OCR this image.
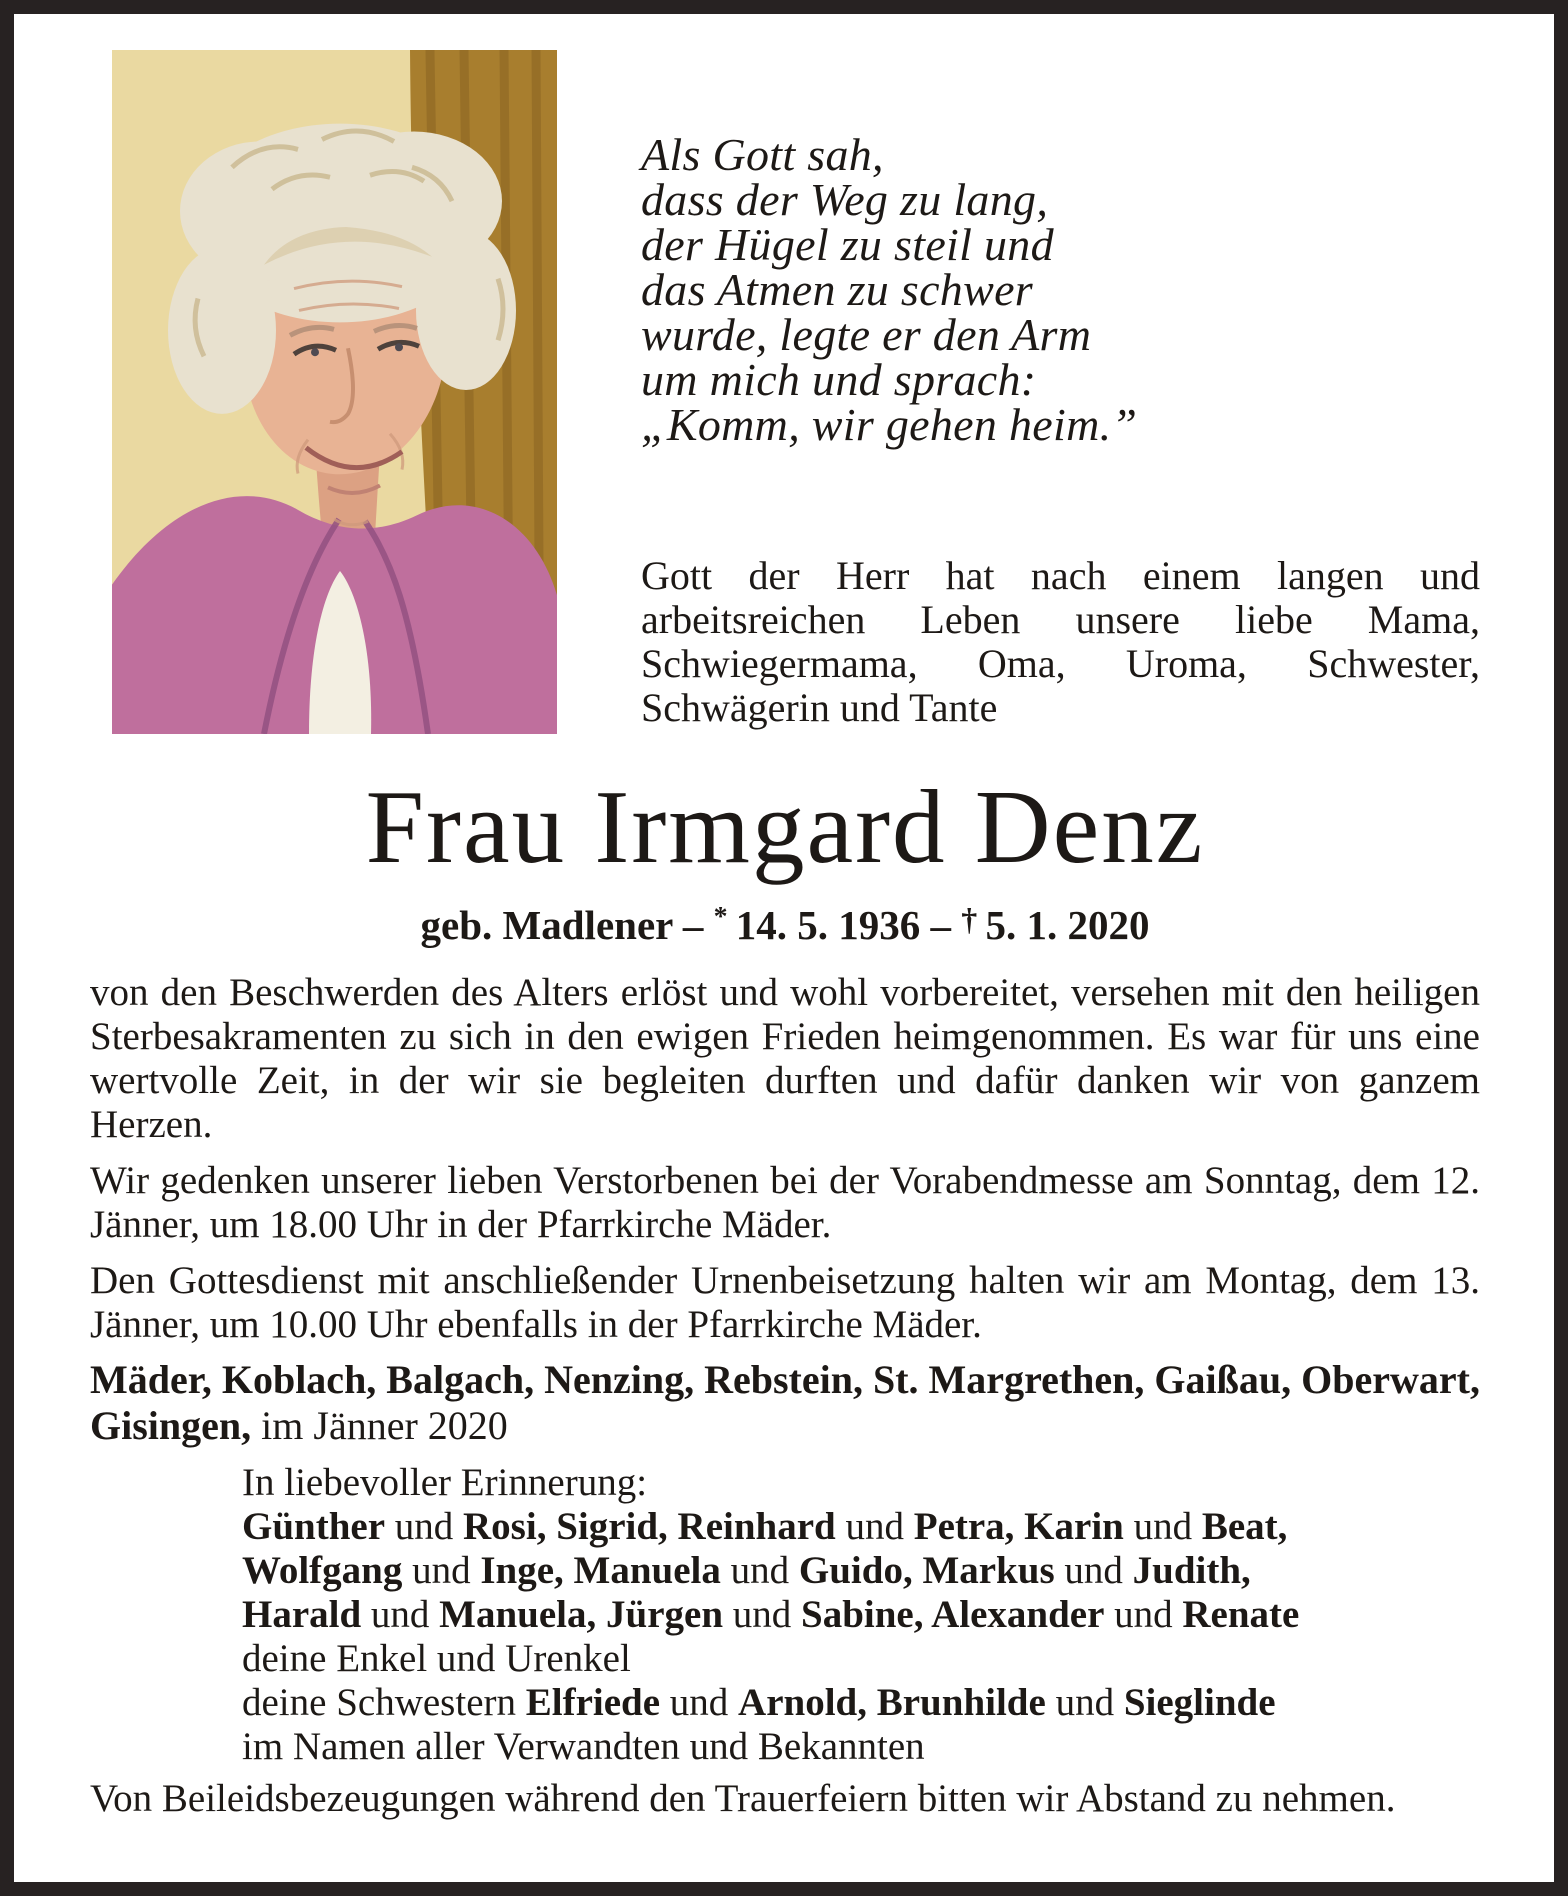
Als Gott sah,
dass der Weg zu lang,
der Hügel zu steil und
das Atmen zu schwer
wurde, legte er den Arm
um mich und sprach:
„Komm, wir gehen heim.”

Gott der Herr hat nach einem langen und arbeitsreichen Leben unsere liebe Mama, Schwiegermama, Oma, Uroma, Schwester, Schwägerin und Tante

Frau Irmgard Denz
geb. Madlener – * 14. 5. 1936 – † 5. 1. 2020

von den Beschwerden des Alters erlöst und wohl vorbereitet, versehen mit den heiligen Sterbesakramenten zu sich in den ewigen Frieden heimgenommen. Es war für uns eine wertvolle Zeit, in der wir sie begleiten durften und dafür danken wir von ganzem Herzen.

Wir gedenken unserer lieben Verstorbenen bei der Vorabendmesse am Sonntag, dem 12. Jänner, um 18.00 Uhr in der Pfarrkirche Mäder.

Den Gottesdienst mit anschließender Urnenbeisetzung halten wir am Montag, dem 13. Jänner, um 10.00 Uhr ebenfalls in der Pfarrkirche Mäder.

Mäder, Koblach, Balgach, Nenzing, Rebstein, St. Margrethen, Gaißau, Oberwart, Gisingen, im Jänner 2020

In liebevoller Erinnerung:
Günther und Rosi, Sigrid, Reinhard und Petra, Karin und Beat,
Wolfgang und Inge, Manuela und Guido, Markus und Judith,
Harald und Manuela, Jürgen und Sabine, Alexander und Renate
deine Enkel und Urenkel
deine Schwestern Elfriede und Arnold, Brunhilde und Sieglinde
im Namen aller Verwandten und Bekannten

Von Beileidsbezeugungen während den Trauerfeiern bitten wir Abstand zu nehmen.
